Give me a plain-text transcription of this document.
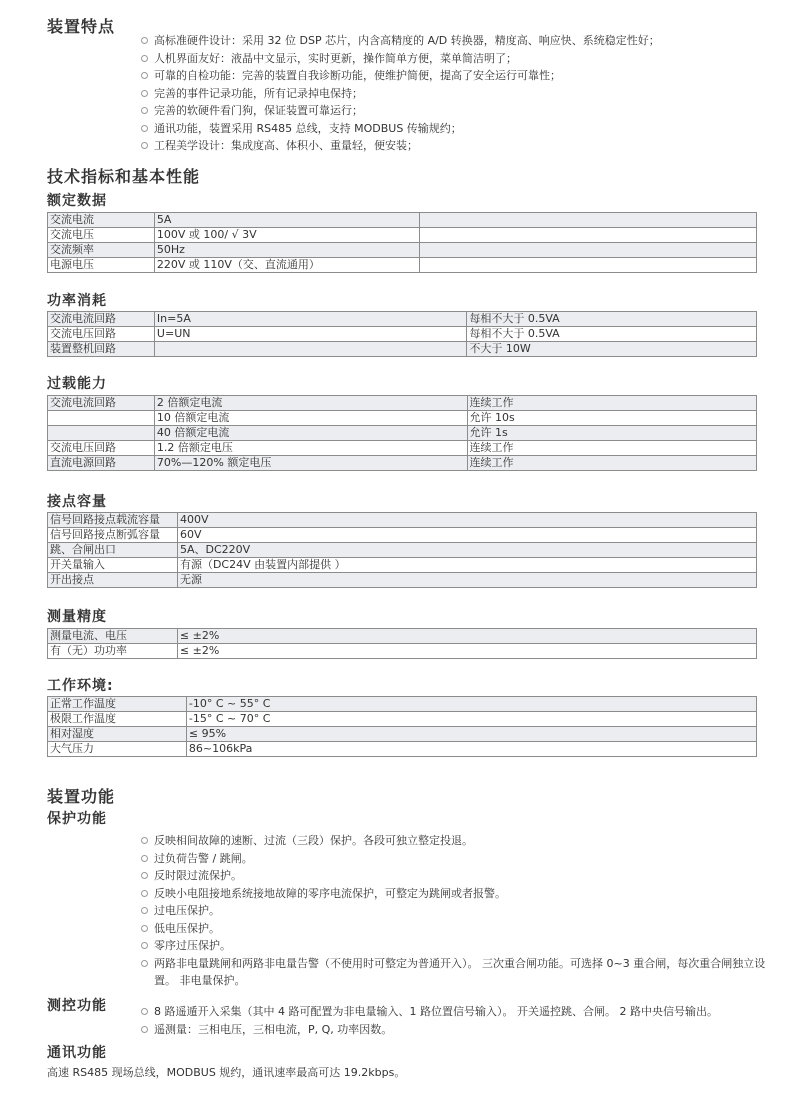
装置特点
高标准硬件设计：采用 32 位 DSP 芯片，内含高精度的 A/D 转换器，精度高、响应快、系统稳定性好；
人机界面友好：液晶中文显示，实时更新，操作简单方便，菜单简洁明了；
可靠的自检功能：完善的装置自我诊断功能，使维护简便，提高了安全运行可靠性；
完善的事件记录功能，所有记录掉电保持；
完善的软硬件看门狗，保证装置可靠运行；
通讯功能，装置采用 RS485 总线，支持 MODBUS 传输规约；
工程美学设计：集成度高、体积小、重量轻，便安装；
技术指标和基本性能
额定数据
交流电流	5A	
交流电压	100V 或 100/ √ 3V	
交流频率	50Hz	
电源电压	220V 或 110V（交、直流通用）	
功率消耗
交流电流回路	In=5A	每相不大于 0.5VA
交流电压回路	U=UN	每相不大于 0.5VA
装置整机回路		不大于 10W
过载能力
交流电流回路	2 倍额定电流	连续工作
	10 倍额定电流	允许 10s
	40 倍额定电流	允许 1s
交流电压回路	1.2 倍额定电压	连续工作
直流电源回路	70%—120% 额定电压	连续工作
接点容量
信号回路接点载流容量	400V
信号回路接点断弧容量	60V
跳、合闸出口	5A、DC220V
开关量输入	有源（DC24V 由装置内部提供 ）
开出接点	无源
测量精度
测量电流、电压	≤ ±2%
有（无）功功率	≤ ±2%
工作环境:
正常工作温度	-10° C ~ 55° C
极限工作温度	-15° C ~ 70° C
相对湿度	≤ 95%
大气压力	86~106kPa
装置功能
保护功能
反映相间故障的速断、过流（三段）保护。各段可独立整定投退。
过负荷告警 / 跳闸。
反时限过流保护。
反映小电阻接地系统接地故障的零序电流保护，可整定为跳闸或者报警。
过电压保护。
低电压保护。
零序过压保护。
两路非电量跳闸和两路非电量告警（不使用时可整定为普通开入）。 三次重合闸功能。可选择 0~3 重合闸，每次重合闸独立设置。 非电量保护。
测控功能	8 路遥遁开入采集（其中 4 路可配置为非电量输入、1 路位置信号输入）。 开关遥控跳、合闸。 2 路中央信号输出。
遥测量：三相电压，三相电流，P, Q, 功率因数。
通讯功能
高速 RS485 现场总线，MODBUS 规约，通讯速率最高可达 19.2kbps。
